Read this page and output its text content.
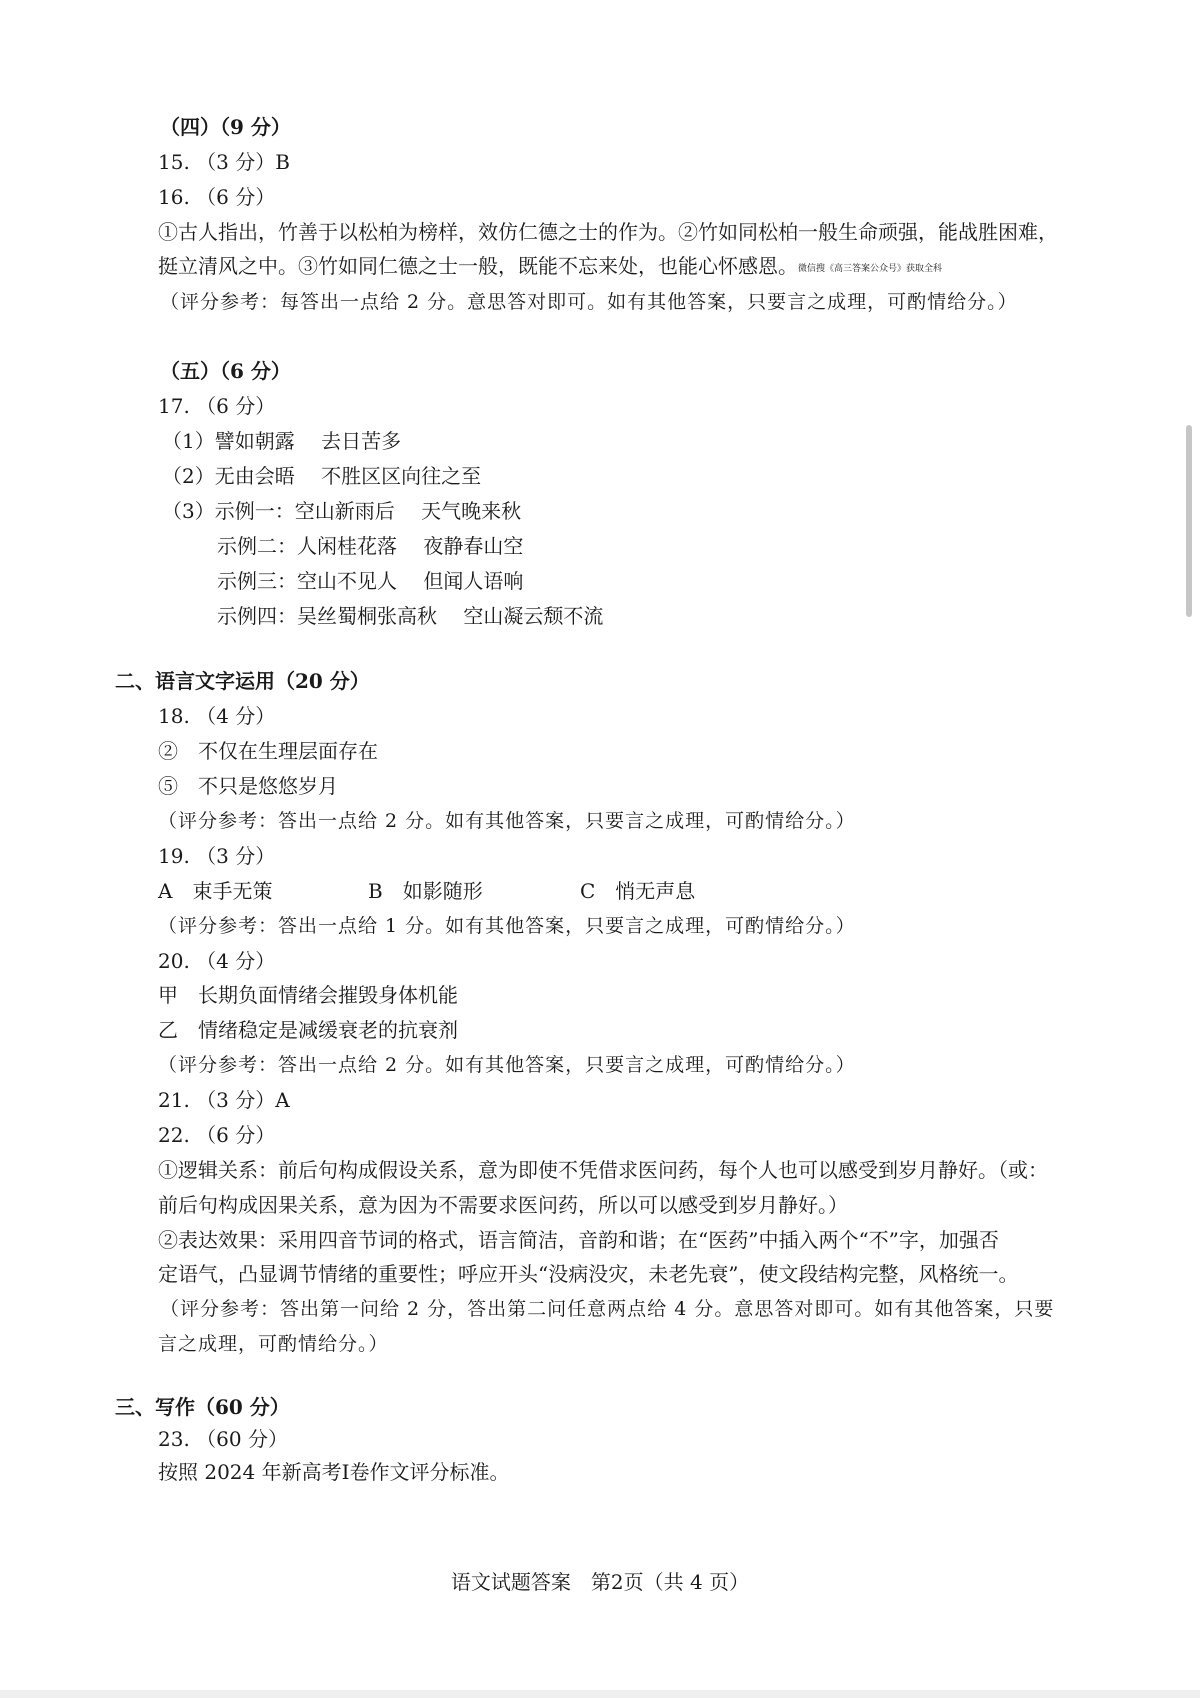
（四）（9 分）
15. （3 分）B
16. （6 分）
①古人指出，竹善于以松柏为榜样，效仿仁德之士的作为。②竹如同松柏一般生命顽强，能战胜困难，
挺立清风之中。③竹如同仁德之士一般，既能不忘来处，也能心怀感恩。微信搜《高三答案公众号》获取全科
（评分参考：每答出一点给 2 分。意思答对即可。如有其他答案，只要言之成理，可酌情给分。）
（五）（6 分）
17. （6 分）
（1）譬如朝露　 去日苦多
（2）无由会晤　 不胜区区向往之至
（3）示例一：空山新雨后　 天气晚来秋
示例二：人闲桂花落　 夜静春山空
示例三：空山不见人　 但闻人语响
示例四：吴丝蜀桐张高秋　 空山凝云颓不流
二、语言文字运用（20 分）
18. （4 分）
②　不仅在生理层面存在
⑤　不只是悠悠岁月
（评分参考：答出一点给 2 分。如有其他答案，只要言之成理，可酌情给分。）
19. （3 分）
A　束手无策	B　如影随形	C　悄无声息
（评分参考：答出一点给 1 分。如有其他答案，只要言之成理，可酌情给分。）
20. （4 分）
甲　长期负面情绪会摧毁身体机能
乙　情绪稳定是减缓衰老的抗衰剂
（评分参考：答出一点给 2 分。如有其他答案，只要言之成理，可酌情给分。）
21. （3 分）A
22. （6 分）
①逻辑关系：前后句构成假设关系，意为即使不凭借求医问药，每个人也可以感受到岁月静好。（或：
前后句构成因果关系，意为因为不需要求医问药，所以可以感受到岁月静好。）
②表达效果：采用四音节词的格式，语言简洁，音韵和谐；在“医药”中插入两个“不”字，加强否
定语气，凸显调节情绪的重要性；呼应开头“没病没灾，未老先衰”，使文段结构完整，风格统一。
（评分参考：答出第一问给 2 分，答出第二问任意两点给 4 分。意思答对即可。如有其他答案，只要
言之成理，可酌情给分。）
三、写作（60 分）
23. （60 分）
按照 2024 年新高考Ⅰ卷作文评分标准。
语文试题答案　第2页（共 4 页）
